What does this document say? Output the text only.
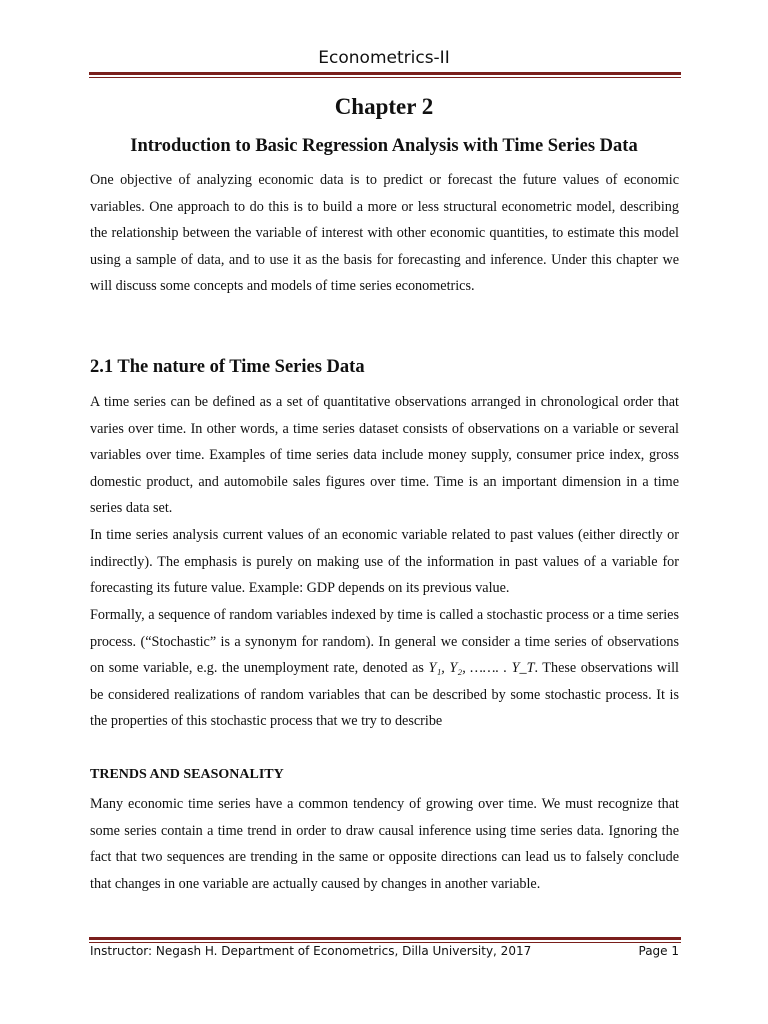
Econometrics-II
Chapter 2
Introduction to Basic Regression Analysis with Time Series Data

One objective of analyzing economic data is to predict or forecast the future values of economic variables. One approach to do this is to build a more or less structural econometric model, describing the relationship between the variable of interest with other economic quantities, to estimate this model using a sample of data, and to use it as the basis for forecasting and inference. Under this chapter we will discuss some concepts and models of time series econometrics.

2.1 The nature of Time Series Data

A time series can be defined as a set of quantitative observations arranged in chronological order that varies over time. In other words, a time series dataset consists of observations on a variable or several variables over time. Examples of time series data include money supply, consumer price index, gross domestic product, and automobile sales figures over time. Time is an important dimension in a time series data set.

In time series analysis current values of an economic variable related to past values (either directly or indirectly). The emphasis is purely on making use of the information in past values of a variable for forecasting its future value. Example: GDP depends on its previous value.

Formally, a sequence of random variables indexed by time is called a stochastic process or a time series process. (“Stochastic” is a synonym for random). In general we consider a time series of observations on some variable, e.g. the unemployment rate, denoted as Y₁, Y₂, ……. . Y_T. These observations will be considered realizations of random variables that can be described by some stochastic process. It is the properties of this stochastic process that we try to describe

TRENDS AND SEASONALITY

Many economic time series have a common tendency of growing over time. We must recognize that some series contain a time trend in order to draw causal inference using time series data. Ignoring the fact that two sequences are trending in the same or opposite directions can lead us to falsely conclude that changes in one variable are actually caused by changes in another variable.

Instructor: Negash H. Department of Econometrics, Dilla University, 2017	Page 1
